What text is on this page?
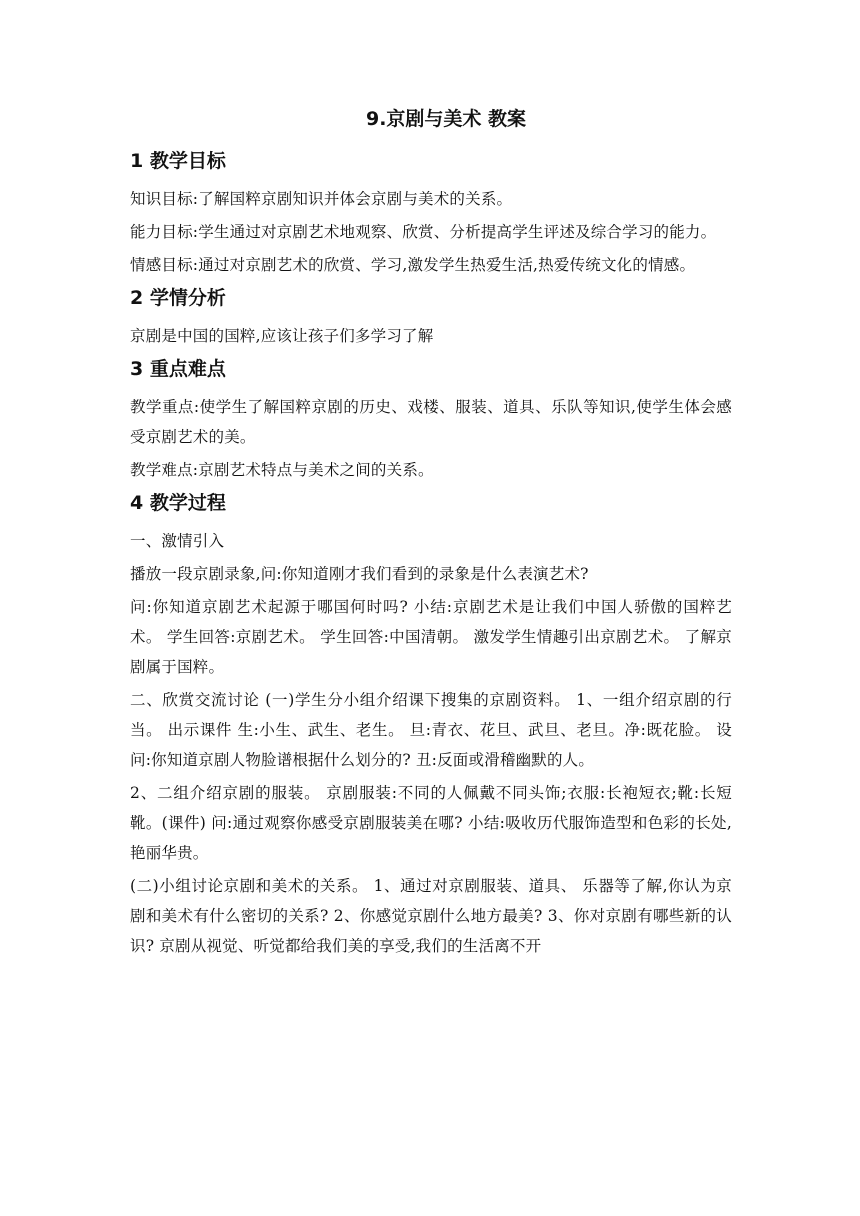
9.京剧与美术 教案
1 教学目标

知识目标:了解国粹京剧知识并体会京剧与美术的关系。

能力目标:学生通过对京剧艺术地观察、欣赏、分析提高学生评述及综合学习的能力。

情感目标:通过对京剧艺术的欣赏、学习,激发学生热爱生活,热爱传统文化的情感。

2 学情分析

京剧是中国的国粹,应该让孩子们多学习了解

3 重点难点

教学重点:使学生了解国粹京剧的历史、戏楼、服装、道具、乐队等知识,使学生体会感受京剧艺术的美。

教学难点:京剧艺术特点与美术之间的关系。

4 教学过程

一、激情引入

播放一段京剧录象,问:你知道刚才我们看到的录象是什么表演艺术?

问:你知道京剧艺术起源于哪国何时吗? 小结:京剧艺术是让我们中国人骄傲的国粹艺术。 学生回答:京剧艺术。 学生回答:中国清朝。 激发学生情趣引出京剧艺术。 了解京剧属于国粹。

二、欣赏交流讨论 (一)学生分小组介绍课下搜集的京剧资料。 1、一组介绍京剧的行当。 出示课件 生:小生、武生、老生。 旦:青衣、花旦、武旦、老旦。净:既花脸。 设问:你知道京剧人物脸谱根据什么划分的? 丑:反面或滑稽幽默的人。

2、二组介绍京剧的服装。 京剧服装:不同的人佩戴不同头饰;衣服:长袍短衣;靴:长短靴。(课件) 问:通过观察你感受京剧服装美在哪? 小结:吸收历代服饰造型和色彩的长处,艳丽华贵。

(二)小组讨论京剧和美术的关系。 1、通过对京剧服装、道具、 乐器等了解,你认为京剧和美术有什么密切的关系? 2、你感觉京剧什么地方最美? 3、你对京剧有哪些新的认识? 京剧从视觉、听觉都给我们美的享受,我们的生活离不开
